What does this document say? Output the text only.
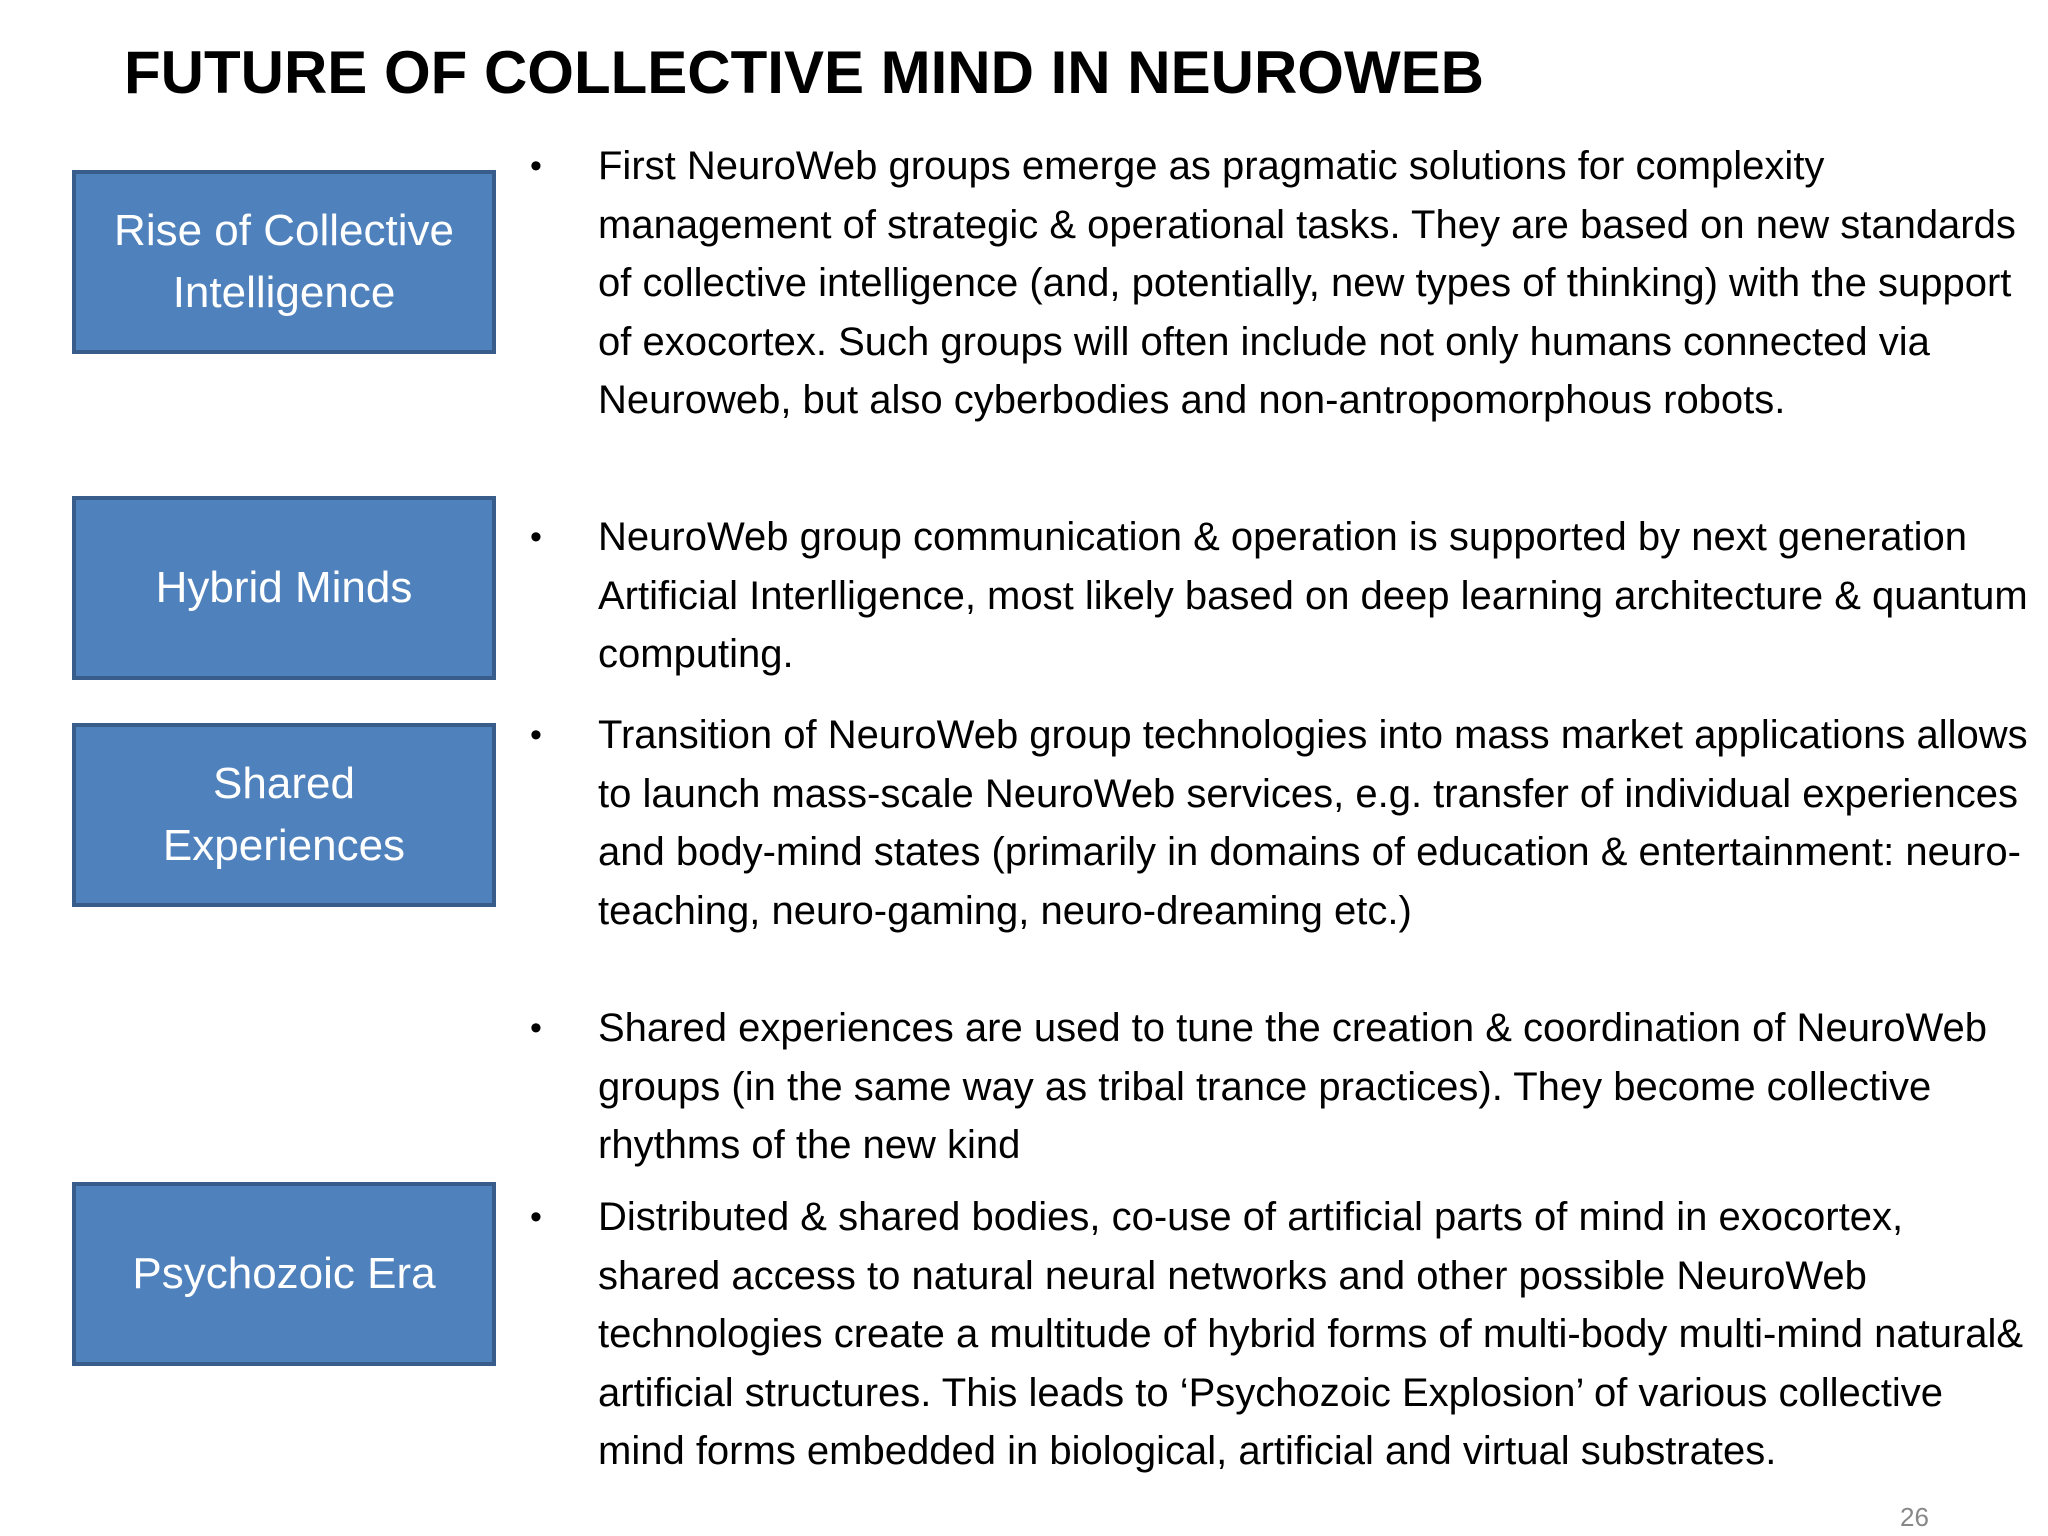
FUTURE OF COLLECTIVE MIND IN NEUROWEB
Rise of Collective Intelligence
Hybrid Minds
Shared Experiences
Psychozoic Era
•	First NeuroWeb groups emerge as pragmatic solutions for complexity management of strategic & operational tasks. They are based on new standards of collective intelligence (and, potentially, new types of thinking) with the support of exocortex. Such groups will often include not only humans connected via Neuroweb, but also cyberbodies and non-antropomorphous robots.
•	NeuroWeb group communication & operation is supported by next generation Artificial Interlligence, most likely based on deep learning architecture & quantum computing.
•	Transition of NeuroWeb group technologies into mass market applications allows to launch mass-scale NeuroWeb services, e.g. transfer of individual experiences and body-mind states (primarily in domains of education & entertainment: neuro-teaching, neuro-gaming, neuro-dreaming etc.)
•	Shared experiences are used to tune the creation & coordination of NeuroWeb groups (in the same way as tribal trance practices). They become collective rhythms of the new kind
•	Distributed & shared bodies, co-use of artificial parts of mind in exocortex, shared access to natural neural networks and other possible NeuroWeb technologies create a multitude of hybrid forms of multi-body multi-mind natural& artificial structures. This leads to ‘Psychozoic Explosion’ of various collective mind forms embedded in biological, artificial and virtual substrates.
26
